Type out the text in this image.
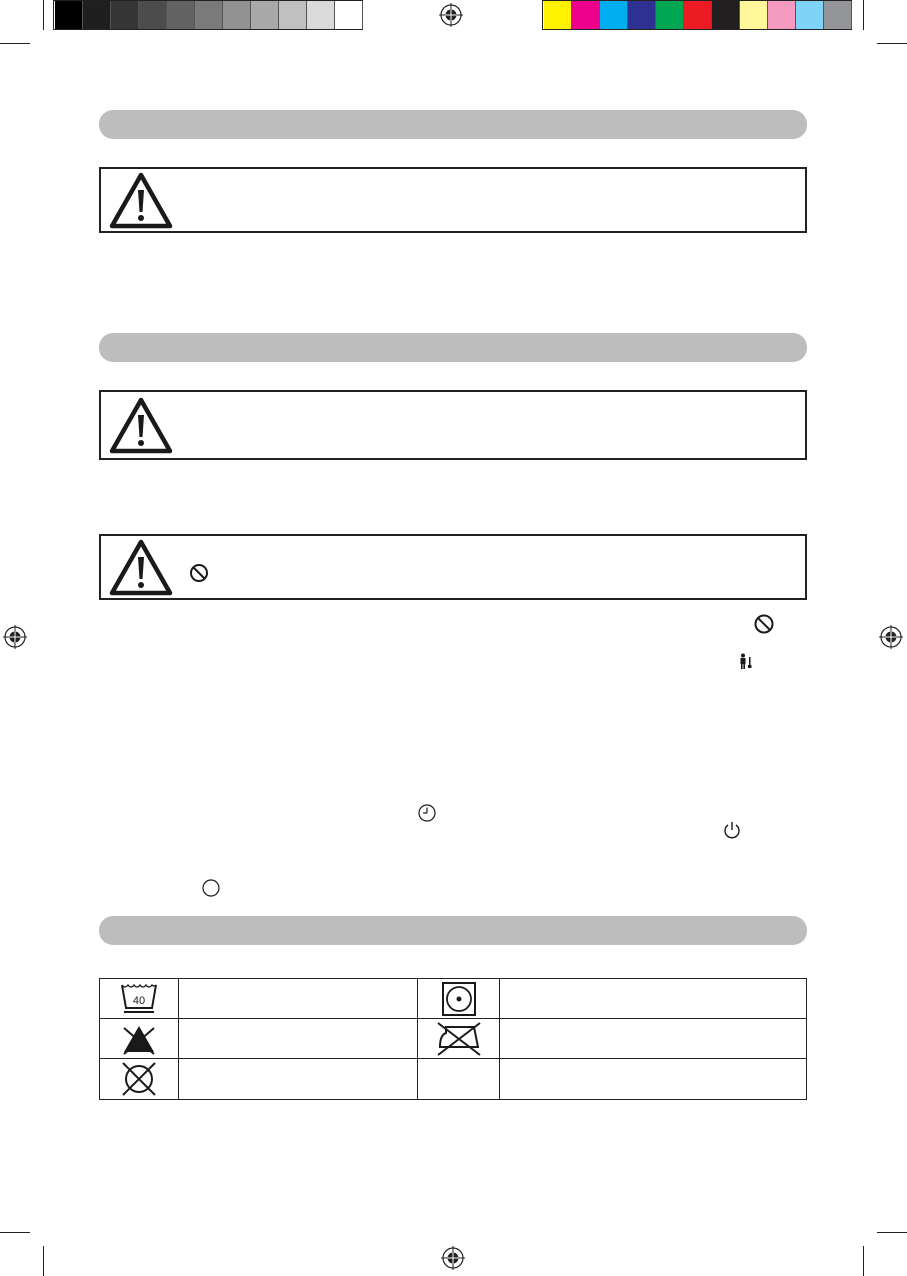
40
